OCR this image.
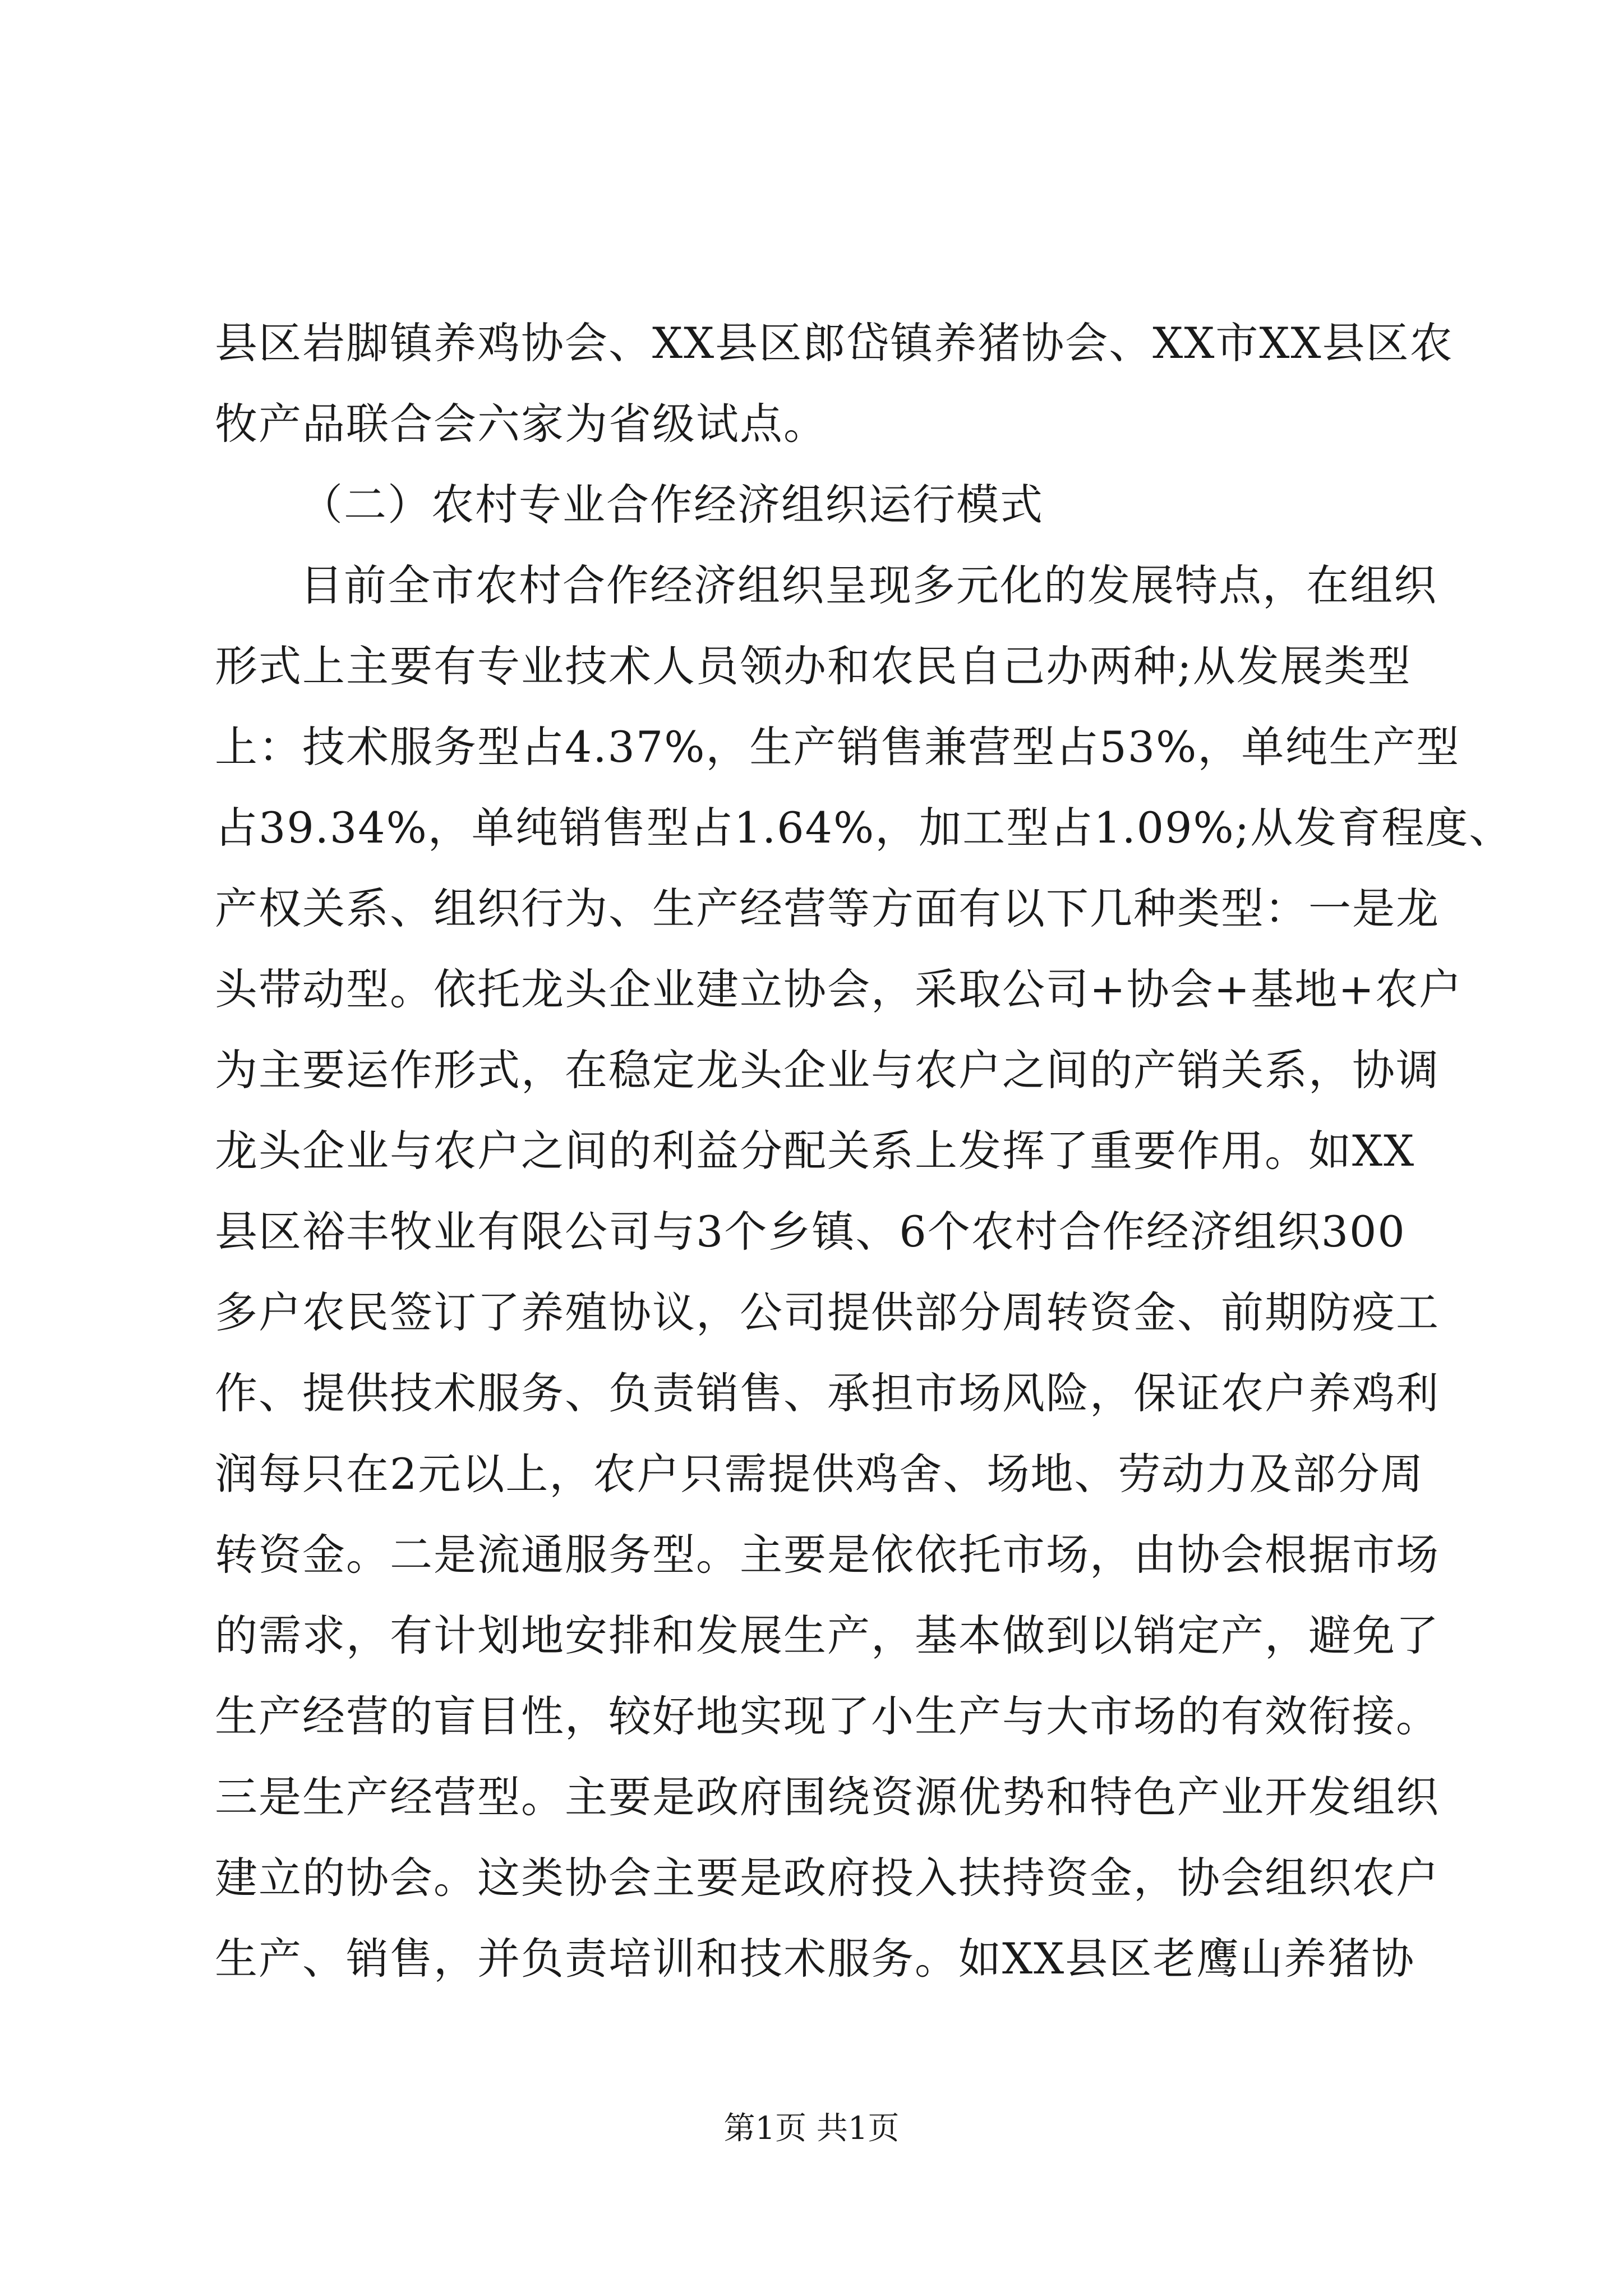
县区岩脚镇养鸡协会、XX县区郎岱镇养猪协会、XX市XX县区农
牧产品联合会六家为省级试点。
（二）农村专业合作经济组织运行模式
目前全市农村合作经济组织呈现多元化的发展特点，在组织
形式上主要有专业技术人员领办和农民自己办两种;从发展类型
上：技术服务型占4.37%，生产销售兼营型占53%，单纯生产型
占39.34%，单纯销售型占1.64%，加工型占1.09%;从发育程度、
产权关系、组织行为、生产经营等方面有以下几种类型：一是龙
头带动型。依托龙头企业建立协会，采取公司+协会+基地+农户
为主要运作形式，在稳定龙头企业与农户之间的产销关系，协调
龙头企业与农户之间的利益分配关系上发挥了重要作用。如XX
县区裕丰牧业有限公司与3个乡镇、6个农村合作经济组织300
多户农民签订了养殖协议，公司提供部分周转资金、前期防疫工
作、提供技术服务、负责销售、承担市场风险，保证农户养鸡利
润每只在2元以上，农户只需提供鸡舍、场地、劳动力及部分周
转资金。二是流通服务型。主要是依依托市场，由协会根据市场
的需求，有计划地安排和发展生产，基本做到以销定产，避免了
生产经营的盲目性，较好地实现了小生产与大市场的有效衔接。
三是生产经营型。主要是政府围绕资源优势和特色产业开发组织
建立的协会。这类协会主要是政府投入扶持资金，协会组织农户
生产、销售，并负责培训和技术服务。如XX县区老鹰山养猪协
第1页 共1页
